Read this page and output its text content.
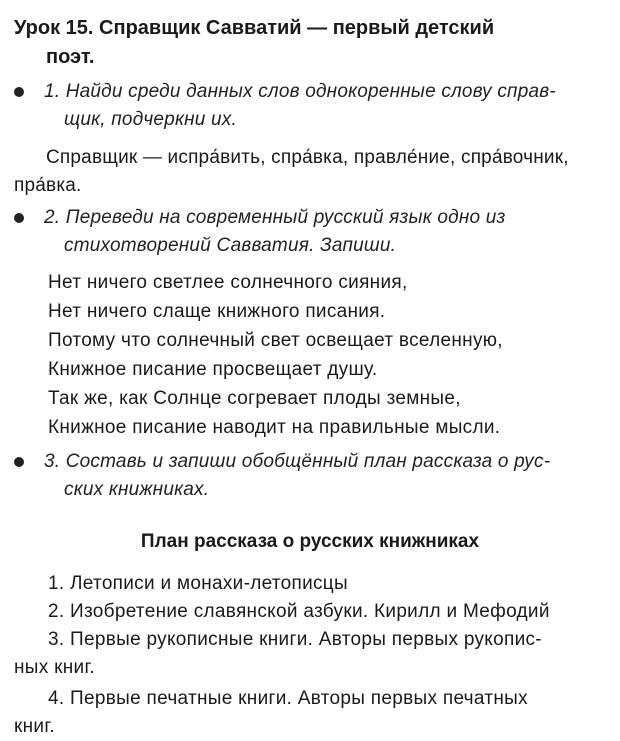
Урок 15. Справщик Савватий — первый детский
поэт.
1. Найди среди данных слов однокоренные слову справ-
щик, подчеркни их.
Справщик — испра́вить, спра́вка, правле́ние, спра́вочник,
пра́вка.
2. Переведи на современный русский язык одно из
стихотворений Савватия. Запиши.
Нет ничего светлее солнечного сияния,
Нет ничего слаще книжного писания.
Потому что солнечный свет освещает вселенную,
Книжное писание просвещает душу.
Так же, как Солнце согревает плоды земные,
Книжное писание наводит на правильные мысли.
3. Составь и запиши обобщённый план рассказа о рус-
ских книжниках.
План рассказа о русских книжниках
1. Летописи и монахи-летописцы
2. Изобретение славянской азбуки. Кирилл и Мефодий
3. Первые рукописные книги. Авторы первых рукопис-
ных книг.
4. Первые печатные книги. Авторы первых печатных
книг.
